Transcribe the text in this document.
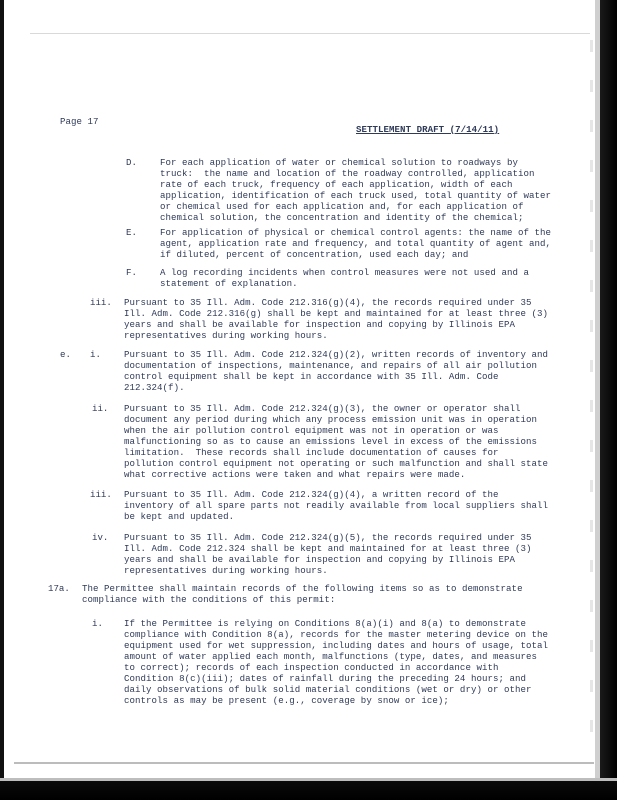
Page 17
SETTLEMENT DRAFT (7/14/11)
D.	For each application of water or chemical solution to roadways by
truck:  the name and location of the roadway controlled, application
rate of each truck, frequency of each application, width of each
application, identification of each truck used, total quantity of water
or chemical used for each application and, for each application of
chemical solution, the concentration and identity of the chemical;
E.	For application of physical or chemical control agents: the name of the
agent, application rate and frequency, and total quantity of agent and,
if diluted, percent of concentration, used each day; and
F.	A log recording incidents when control measures were not used and a
statement of explanation.
iii. Pursuant to 35 Ill. Adm. Code 212.316(g)(4), the records required under 35
Ill. Adm. Code 212.316(g) shall be kept and maintained for at least three (3)
years and shall be available for inspection and copying by Illinois EPA
representatives during working hours.
e. i.	Pursuant to 35 Ill. Adm. Code 212.324(g)(2), written records of inventory and
documentation of inspections, maintenance, and repairs of all air pollution
control equipment shall be kept in accordance with 35 Ill. Adm. Code
212.324(f).
ii. Pursuant to 35 Ill. Adm. Code 212.324(g)(3), the owner or operator shall
document any period during which any process emission unit was in operation
when the air pollution control equipment was not in operation or was
malfunctioning so as to cause an emissions level in excess of the emissions
limitation.  These records shall include documentation of causes for
pollution control equipment not operating or such malfunction and shall state
what corrective actions were taken and what repairs were made.
iii. Pursuant to 35 Ill. Adm. Code 212.324(g)(4), a written record of the
inventory of all spare parts not readily available from local suppliers shall
be kept and updated.
iv. Pursuant to 35 Ill. Adm. Code 212.324(g)(5), the records required under 35
Ill. Adm. Code 212.324 shall be kept and maintained for at least three (3)
years and shall be available for inspection and copying by Illinois EPA
representatives during working hours.
17a. The Permittee shall maintain records of the following items so as to demonstrate
compliance with the conditions of this permit:
i. If the Permittee is relying on Conditions 8(a)(i) and 8(a) to demonstrate
compliance with Condition 8(a), records for the master metering device on the
equipment used for wet suppression, including dates and hours of usage, total
amount of water applied each month, malfunctions (type, dates, and measures
to correct); records of each inspection conducted in accordance with
Condition 8(c)(iii); dates of rainfall during the preceding 24 hours; and
daily observations of bulk solid material conditions (wet or dry) or other
controls as may be present (e.g., coverage by snow or ice);
